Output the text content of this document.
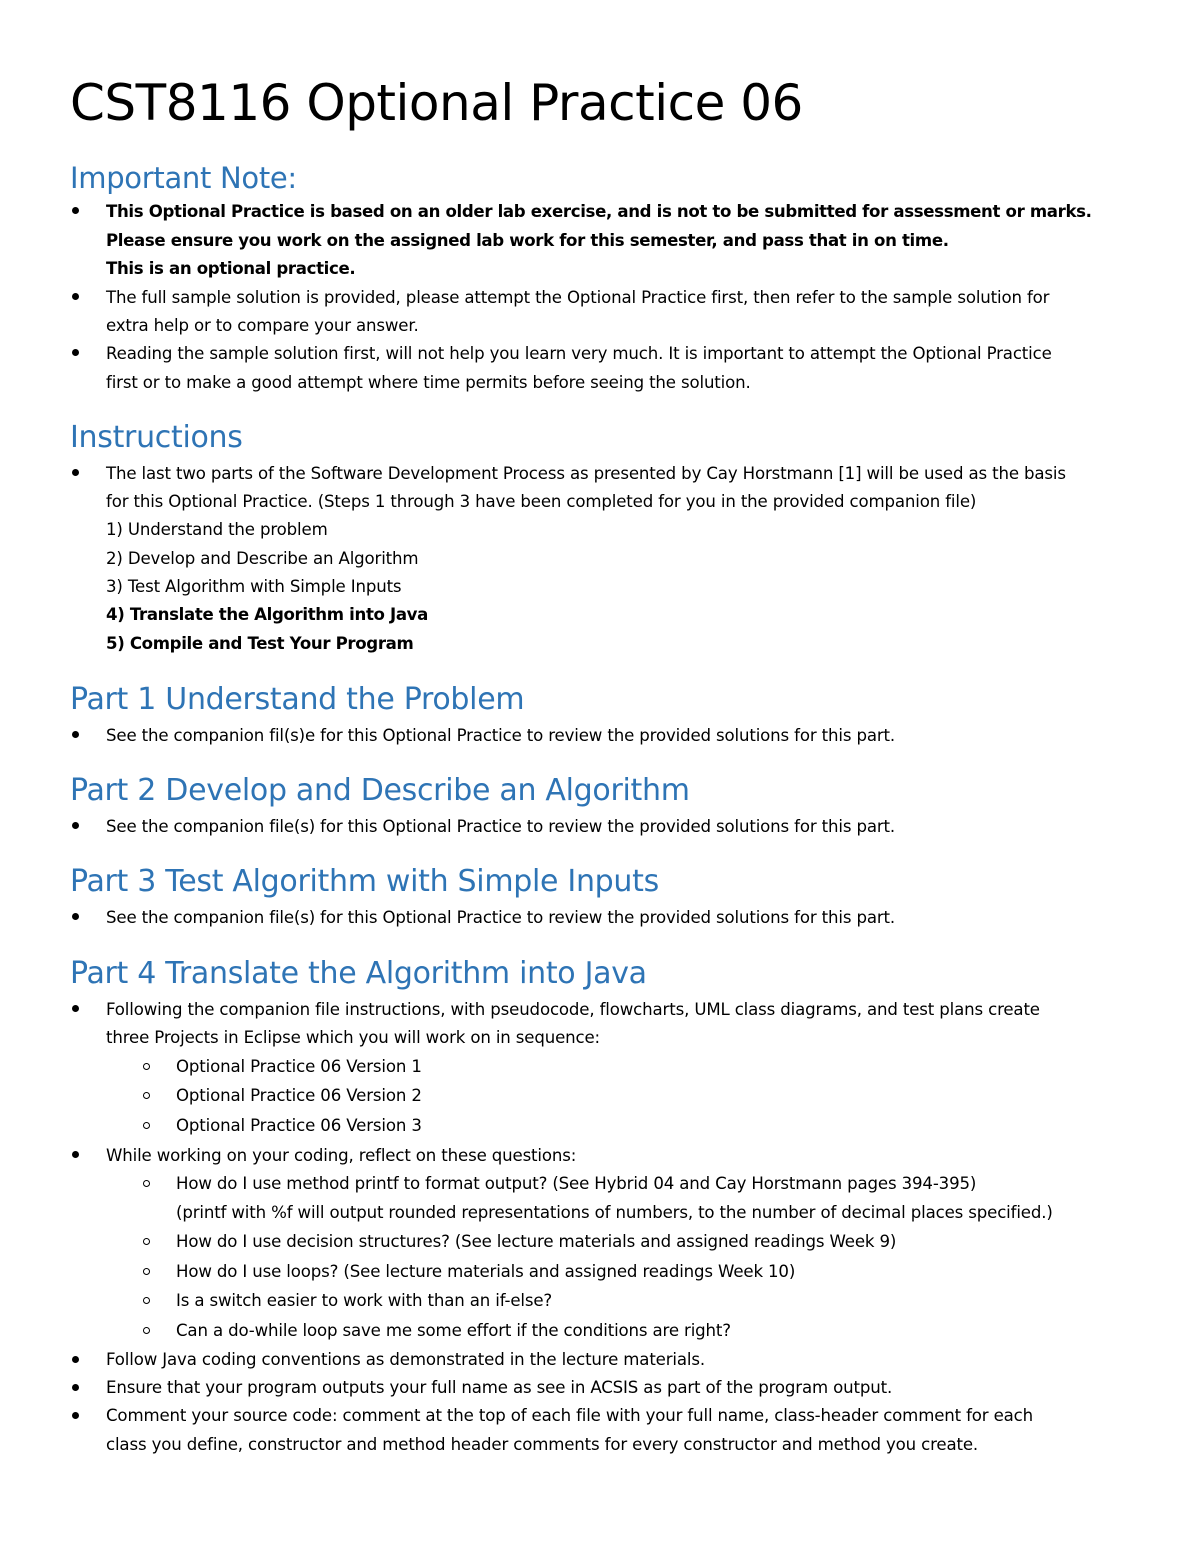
CST8116 Optional Practice 06
Important Note:
This Optional Practice is based on an older lab exercise, and is not to be submitted for assessment or marks.
Please ensure you work on the assigned lab work for this semester, and pass that in on time.
This is an optional practice.
The full sample solution is provided, please attempt the Optional Practice first, then refer to the sample solution for
extra help or to compare your answer.
Reading the sample solution first, will not help you learn very much. It is important to attempt the Optional Practice
first or to make a good attempt where time permits before seeing the solution.
Instructions
The last two parts of the Software Development Process as presented by Cay Horstmann [1] will be used as the basis
for this Optional Practice. (Steps 1 through 3 have been completed for you in the provided companion file)
1) Understand the problem
2) Develop and Describe an Algorithm
3) Test Algorithm with Simple Inputs
4) Translate the Algorithm into Java
5) Compile and Test Your Program
Part 1 Understand the Problem
See the companion fil(s)e for this Optional Practice to review the provided solutions for this part.
Part 2 Develop and Describe an Algorithm
See the companion file(s) for this Optional Practice to review the provided solutions for this part.
Part 3 Test Algorithm with Simple Inputs
See the companion file(s) for this Optional Practice to review the provided solutions for this part.
Part 4 Translate the Algorithm into Java
Following the companion file instructions, with pseudocode, flowcharts, UML class diagrams, and test plans create
three Projects in Eclipse which you will work on in sequence:
Optional Practice 06 Version 1
Optional Practice 06 Version 2
Optional Practice 06 Version 3
While working on your coding, reflect on these questions:
How do I use method printf to format output? (See Hybrid 04 and Cay Horstmann pages 394-395)
(printf with %f will output rounded representations of numbers, to the number of decimal places specified.)
How do I use decision structures? (See lecture materials and assigned readings Week 9)
How do I use loops? (See lecture materials and assigned readings Week 10)
Is a switch easier to work with than an if-else?
Can a do-while loop save me some effort if the conditions are right?
Follow Java coding conventions as demonstrated in the lecture materials.
Ensure that your program outputs your full name as see in ACSIS as part of the program output.
Comment your source code: comment at the top of each file with your full name, class-header comment for each
class you define, constructor and method header comments for every constructor and method you create.
